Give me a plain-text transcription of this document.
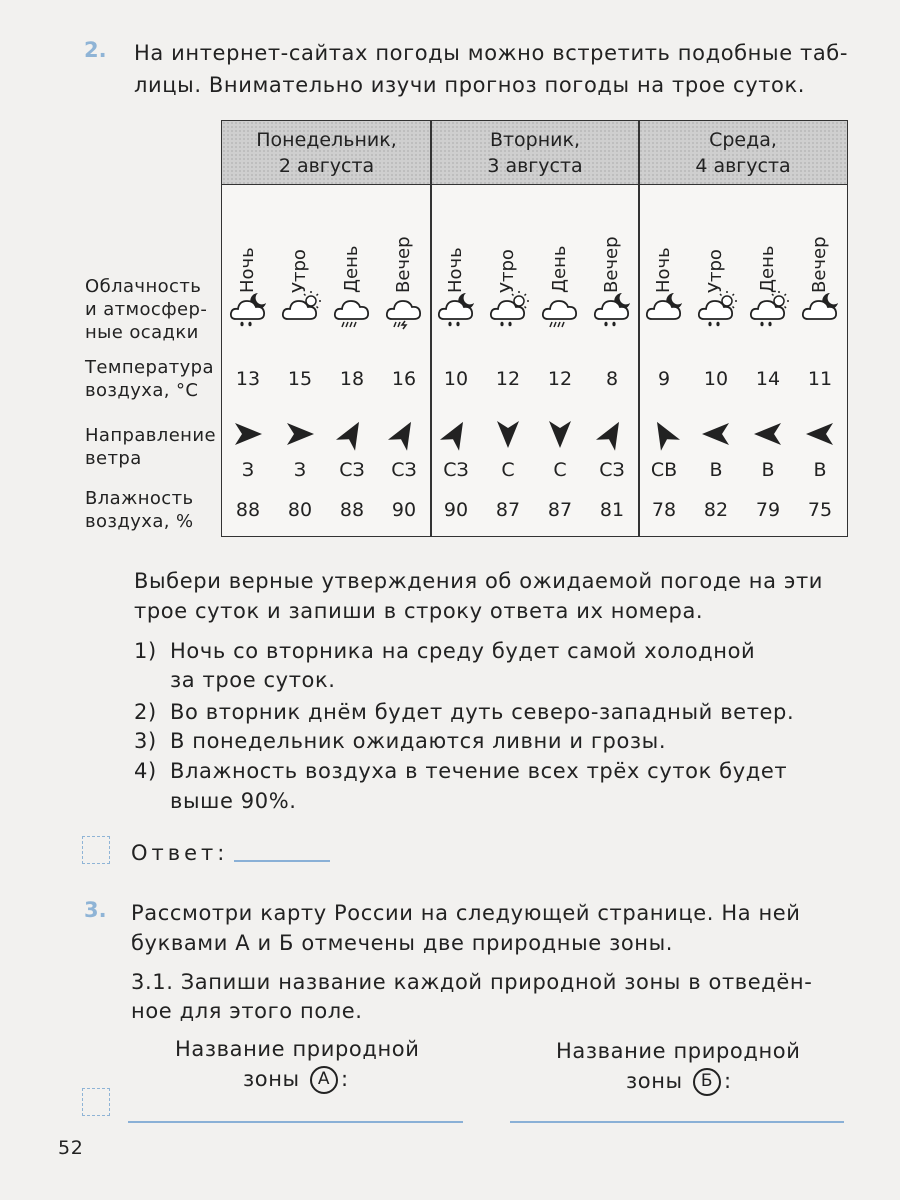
2. На интернет-сайтах погоды можно встретить подобные таб-
лицы. Внимательно изучи прогноз погоды на трое суток.
Облачность
и атмосфер-
ные осадки
Температура
воздуха, °С
Направление
ветра
Влажность
воздуха, %
Понедельник,
2 августа
Вторник,
3 августа
Среда,
4 августа
Ночь
13
З
88
Утро
15
З
80
День
18
СЗ
88
Вечер
16
СЗ
90
Ночь
10
СЗ
90
Утро
12
С
87
День
12
С
87
Вечер
8
СЗ
81
Ночь
9
СВ
78
Утро
10
В
82
День
14
В
79
Вечер
11
В
75
Выбери верные утверждения об ожидаемой погоде на эти
трое суток и запиши в строку ответа их номера.
1) Ночь со вторника на среду будет самой холодной
за трое суток.
2) Во вторник днём будет дуть северо-западный ветер.
3) В понедельник ожидаются ливни и грозы.
4) Влажность воздуха в течение всех трёх суток будет
выше 90%.
Ответ:
3. Рассмотри карту России на следующей странице. На ней
буквами А и Б отмечены две природные зоны.
3.1. Запиши название каждой природной зоны в отведён-
ное для этого поле.
Название природной
зоны А :
Название природной
зоны Б :
52
